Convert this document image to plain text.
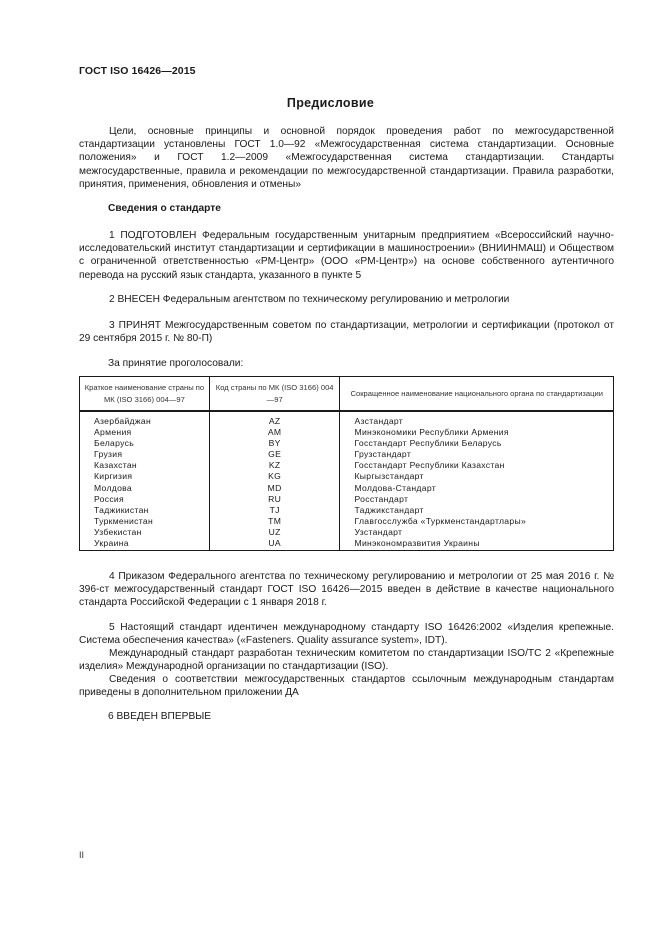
ГОСТ ISO 16426—2015
Предисловие
Цели, основные принципы и основной порядок проведения работ по межгосударственной стандартизации установлены ГОСТ 1.0—92 «Межгосударственная система стандартизации. Основные положения» и ГОСТ 1.2—2009 «Межгосударственная система стандартизации. Стандарты межгосударственные, правила и рекомендации по межгосударственной стандартизации. Правила разработки, принятия, применения, обновления и отмены»
Сведения о стандарте
1 ПОДГОТОВЛЕН Федеральным государственным унитарным предприятием «Всероссийский научно-исследовательский институт стандартизации и сертификации в машиностроении» (ВНИИНМАШ) и Обществом с ограниченной ответственностью «РМ-Центр» (ООО «РМ-Центр») на основе собственного аутентичного перевода на русский язык стандарта, указанного в пункте 5
2 ВНЕСЕН Федеральным агентством по техническому регулированию и метрологии
3 ПРИНЯТ Межгосударственным советом по стандартизации, метрологии и сертификации (протокол от 29 сентября 2015 г. № 80-П)
За принятие проголосовали:
Краткое наименование страны по МК (ISO 3166) 004—97	Код страны по МК (ISO 3166) 004—97	Сокращенное наименование национального органа по стандартизации
Азербайджан	AZ	Азстандарт
Армения	AM	Минэкономики Республики Армения
Беларусь	BY	Госстандарт Республики Беларусь
Грузия	GE	Грузстандарт
Казахстан	KZ	Госстандарт Республики Казахстан
Киргизия	KG	Кыргызстандарт
Молдова	MD	Молдова-Стандарт
Россия	RU	Росстандарт
Таджикистан	TJ	Таджикстандарт
Туркменистан	TM	Главгосслужба «Туркменстандартлары»
Узбекистан	UZ	Узстандарт
Украина	UA	Минэкономразвития Украины
4 Приказом Федерального агентства по техническому регулированию и метрологии от 25 мая 2016 г. № 396-ст межгосударственный стандарт ГОСТ ISO 16426—2015 введен в действие в качестве национального стандарта Российской Федерации с 1 января 2018 г.
5 Настоящий стандарт идентичен международному стандарту ISO 16426:2002 «Изделия крепежные. Система обеспечения качества» («Fasteners. Quality assurance system», IDT).
Международный стандарт разработан техническим комитетом по стандартизации ISO/TC 2 «Крепежные изделия» Международной организации по стандартизации (ISO).
Сведения о соответствии межгосударственных стандартов ссылочным международным стандартам приведены в дополнительном приложении ДА
6 ВВЕДЕН ВПЕРВЫЕ
II
